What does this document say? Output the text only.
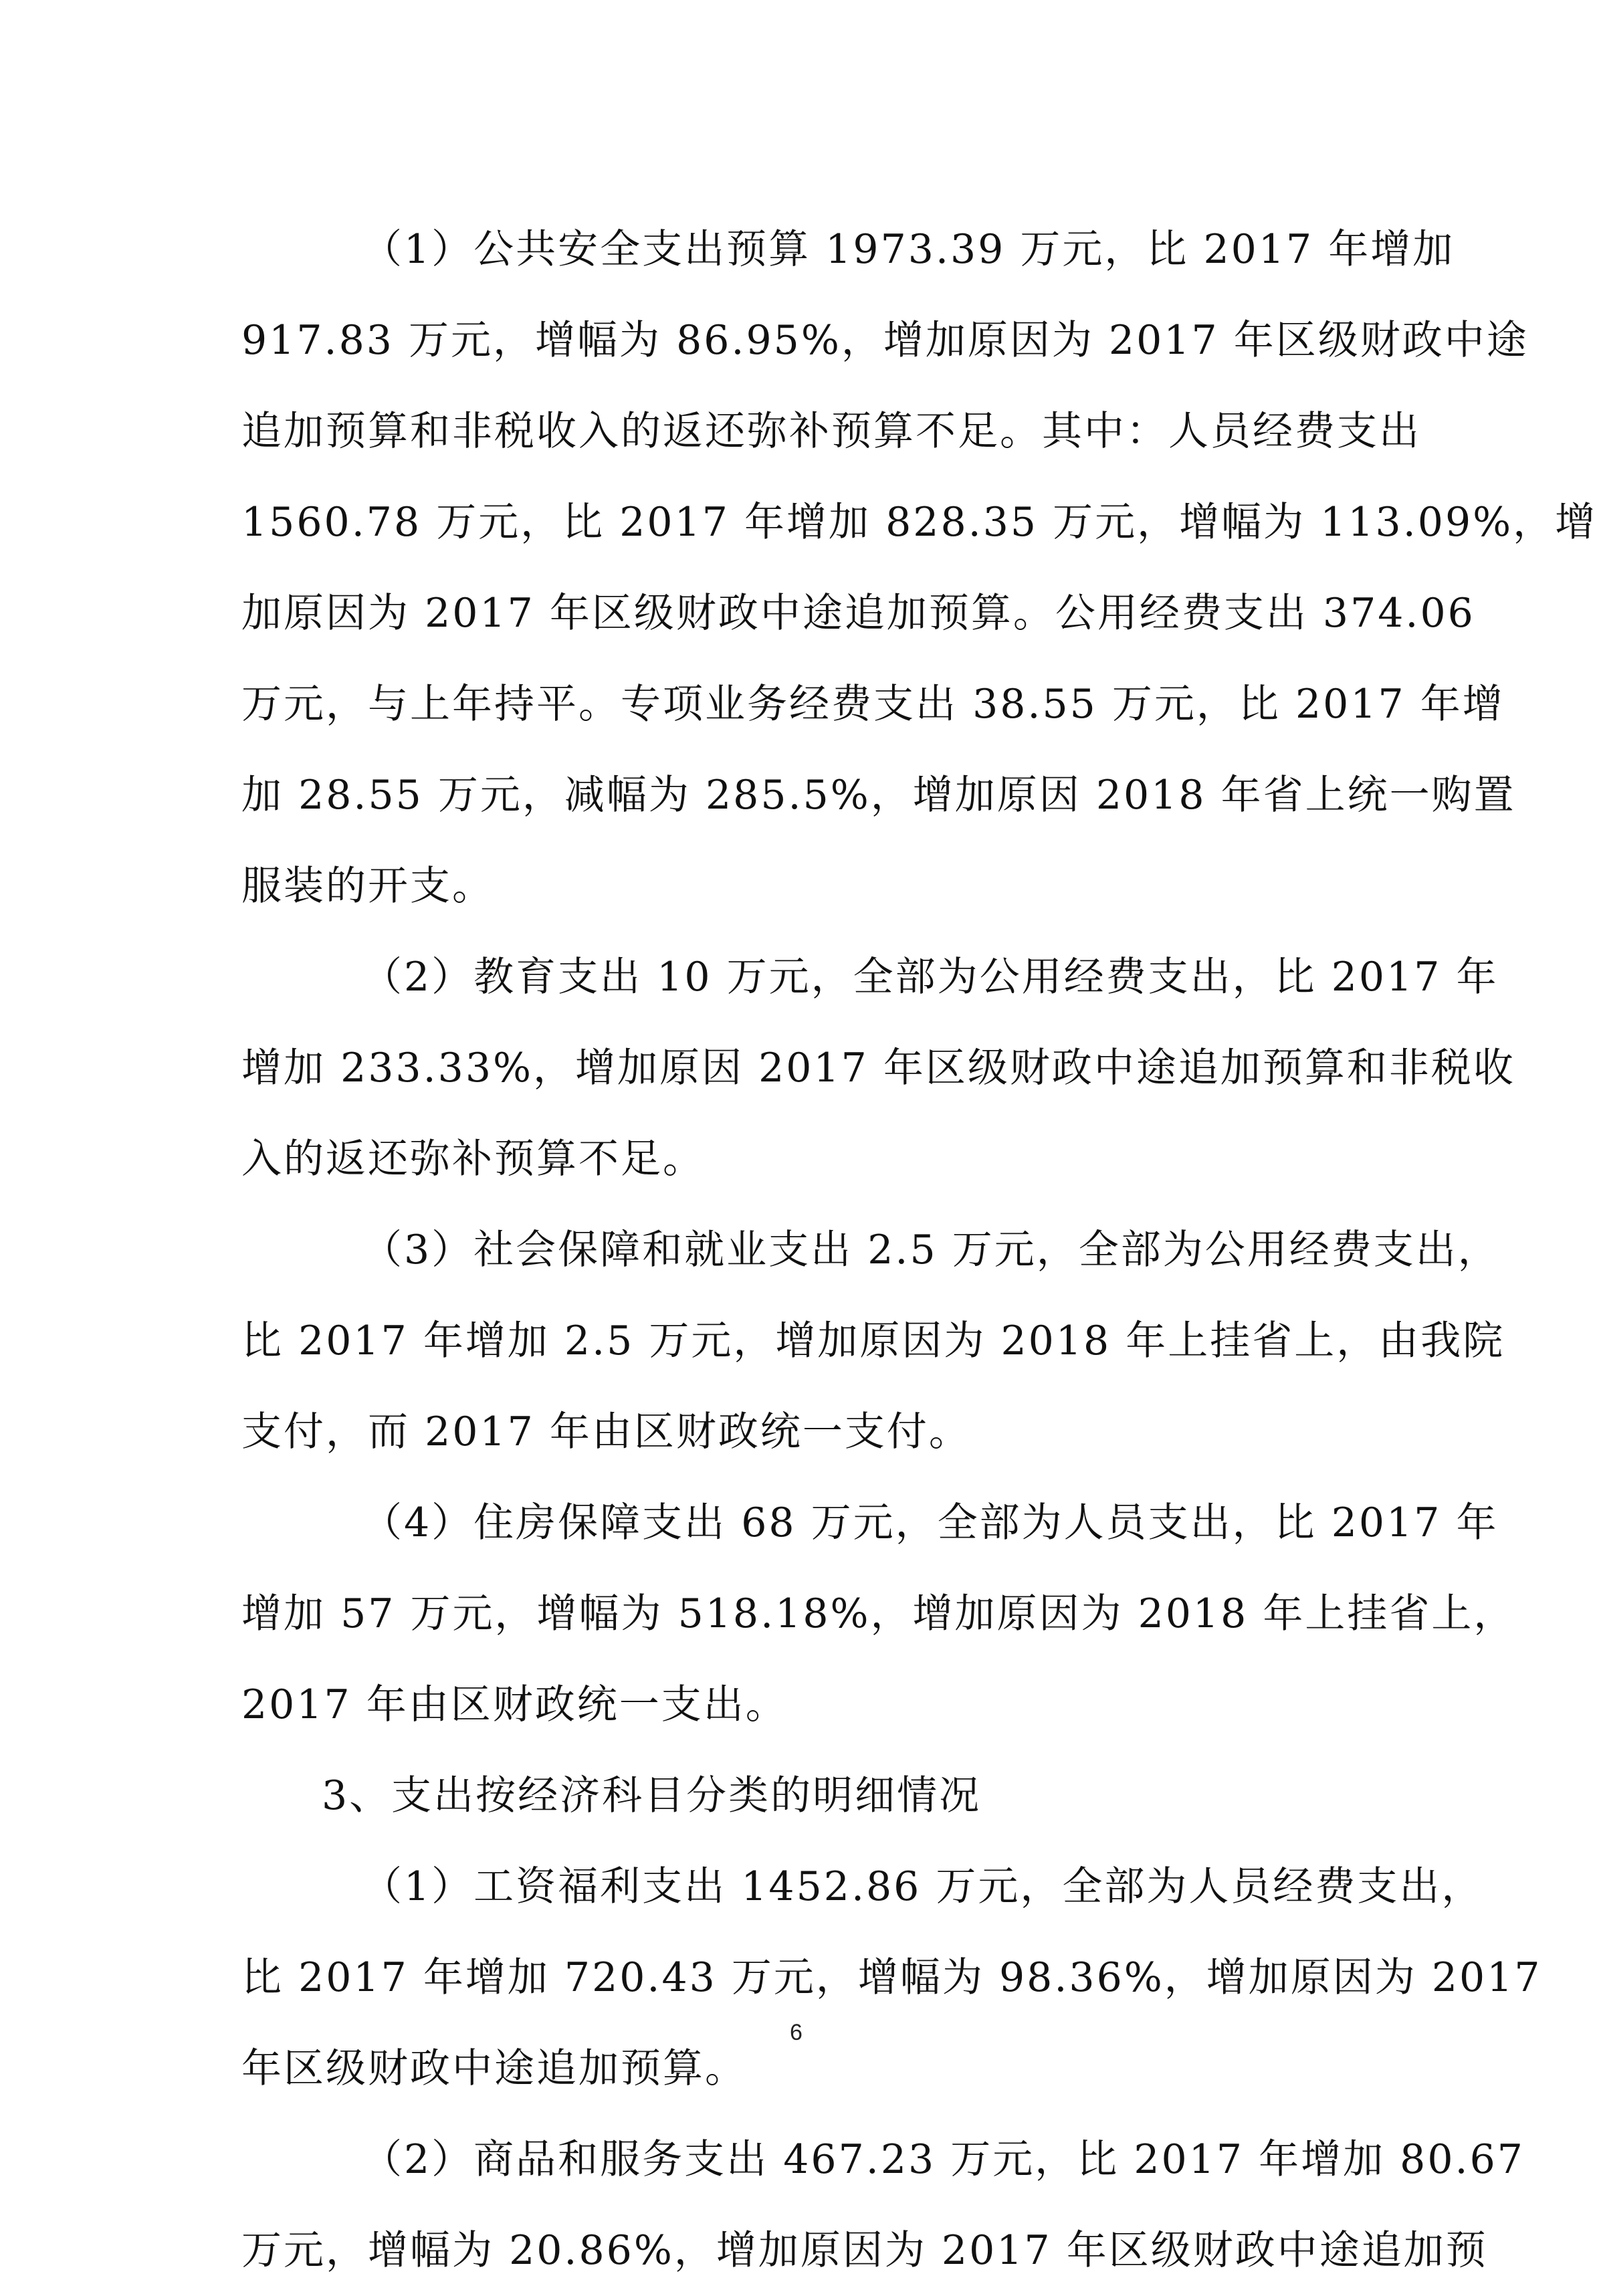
（1）公共安全支出预算 1973.39 万元，比 2017 年增加
917.83 万元，增幅为 86.95%，增加原因为 2017 年区级财政中途
追加预算和非税收入的返还弥补预算不足。其中：人员经费支出
1560.78 万元，比 2017 年增加 828.35 万元，增幅为 113.09%，增
加原因为 2017 年区级财政中途追加预算。公用经费支出 374.06
万元，与上年持平。专项业务经费支出 38.55 万元，比 2017 年增
加 28.55 万元，减幅为 285.5%，增加原因 2018 年省上统一购置
服装的开支。
（2）教育支出 10 万元，全部为公用经费支出，比 2017 年
增加 233.33%，增加原因 2017 年区级财政中途追加预算和非税收
入的返还弥补预算不足。
（3）社会保障和就业支出 2.5 万元，全部为公用经费支出，
比 2017 年增加 2.5 万元，增加原因为 2018 年上挂省上，由我院
支付，而 2017 年由区财政统一支付。
（4）住房保障支出 68 万元，全部为人员支出，比 2017 年
增加 57 万元，增幅为 518.18%，增加原因为 2018 年上挂省上，
2017 年由区财政统一支出。
3、支出按经济科目分类的明细情况
（1）工资福利支出 1452.86 万元，全部为人员经费支出，
比 2017 年增加 720.43 万元，增幅为 98.36%，增加原因为 2017
年区级财政中途追加预算。
（2）商品和服务支出 467.23 万元，比 2017 年增加 80.67
万元，增幅为 20.86%，增加原因为 2017 年区级财政中途追加预
6
